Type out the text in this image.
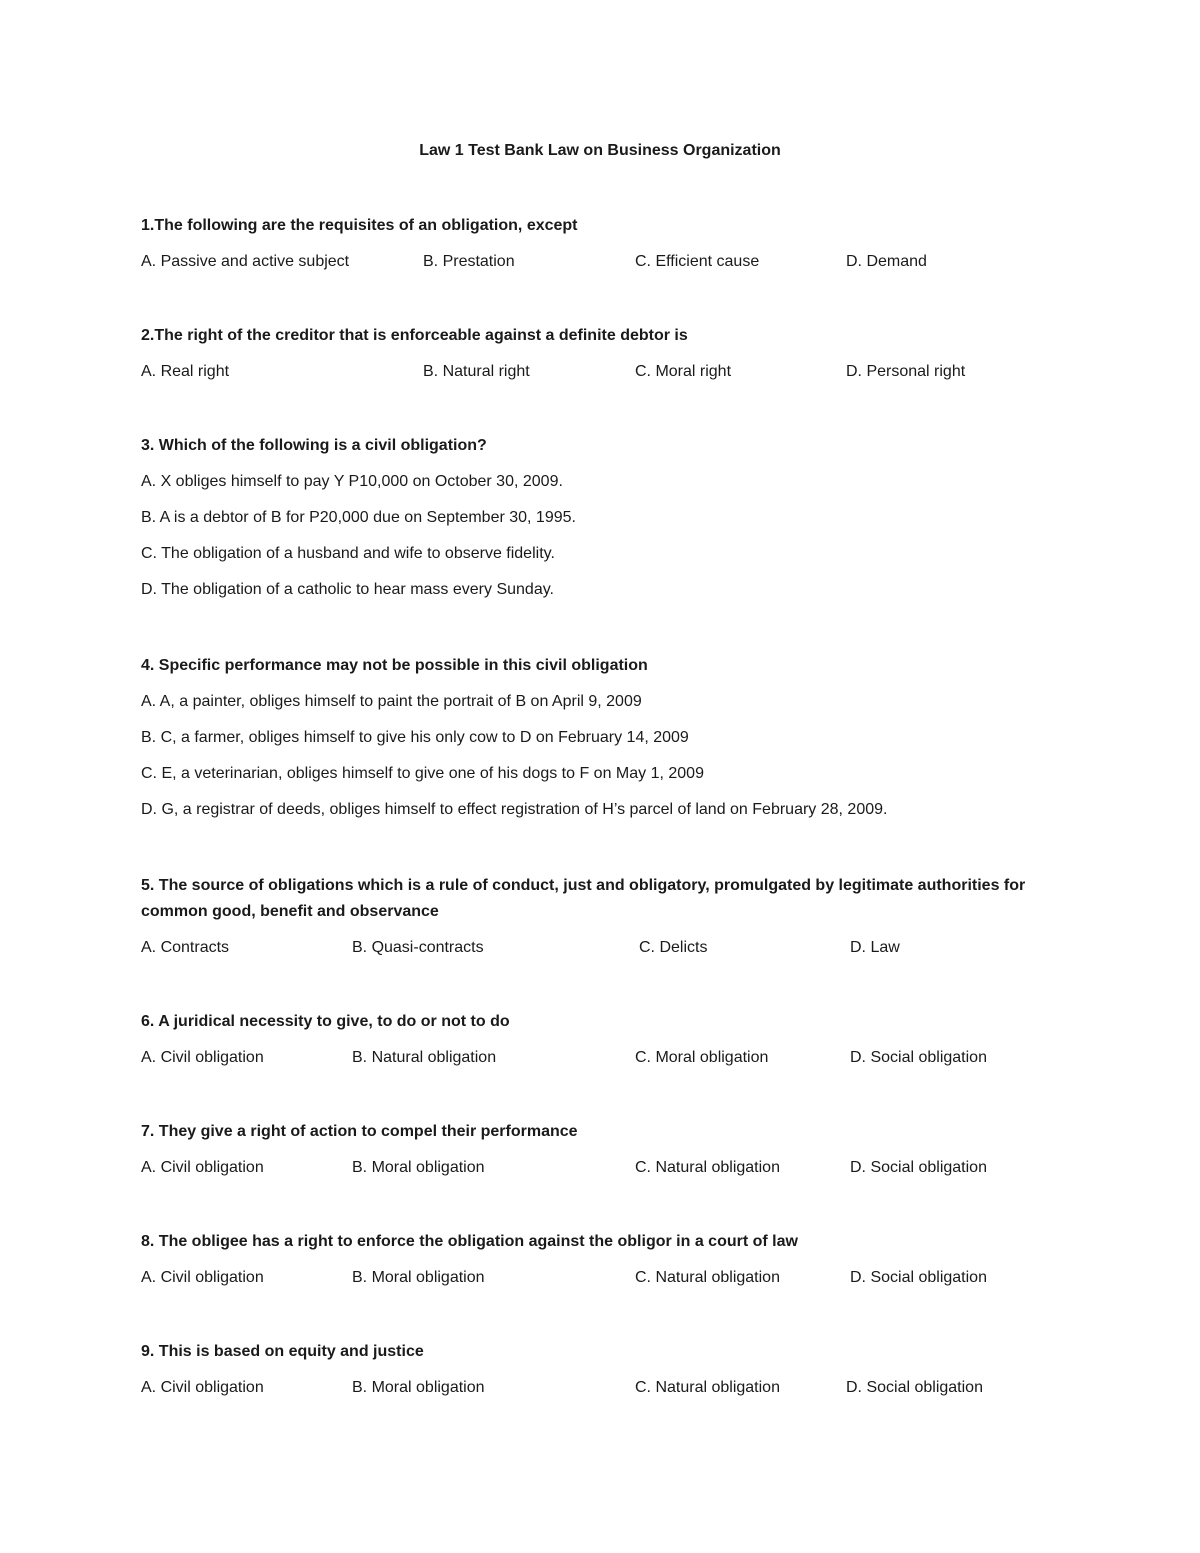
Law 1 Test Bank Law on Business Organization

1.The following are the requisites of an obligation, except

A. Passive and active subject	B. Prestation	C. Efficient cause	D. Demand

2.The right of the creditor that is enforceable against a definite debtor is

A. Real right	B. Natural right	C. Moral right	D. Personal right

3. Which of the following is a civil obligation?

A. X obliges himself to pay Y P10,000 on October 30, 2009.
B. A is a debtor of B for P20,000 due on September 30, 1995.
C. The obligation of a husband and wife to observe fidelity.
D. The obligation of a catholic to hear mass every Sunday.

4. Specific performance may not be possible in this civil obligation

A. A, a painter, obliges himself to paint the portrait of B on April 9, 2009
B. C, a farmer, obliges himself to give his only cow to D on February 14, 2009
C. E, a veterinarian, obliges himself to give one of his dogs to F on May 1, 2009
D. G, a registrar of deeds, obliges himself to effect registration of H’s parcel of land on February 28, 2009.

5. The source of obligations which is a rule of conduct, just and obligatory, promulgated by legitimate authorities for common good, benefit and observance

A. Contracts	B. Quasi-contracts	C. Delicts	D. Law

6. A juridical necessity to give, to do or not to do

A. Civil obligation	B. Natural obligation	C. Moral obligation	D. Social obligation

7. They give a right of action to compel their performance

A. Civil obligation	B. Moral obligation	C. Natural obligation	D. Social obligation

8. The obligee has a right to enforce the obligation against the obligor in a court of law

A. Civil obligation	B. Moral obligation	C. Natural obligation	D. Social obligation

9. This is based on equity and justice

A. Civil obligation	B. Moral obligation	C. Natural obligation	D. Social obligation
